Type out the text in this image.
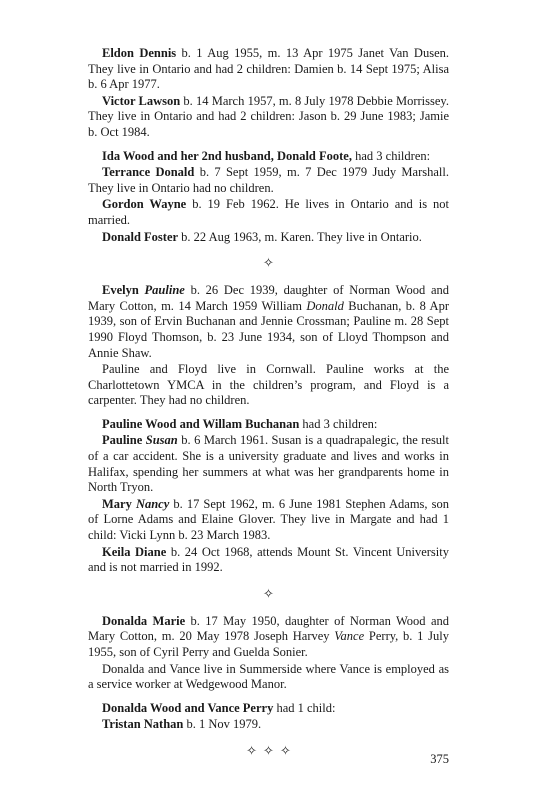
Eldon Dennis b. 1 Aug 1955, m. 13 Apr 1975 Janet Van Dusen. They live in Ontario and had 2 children: Damien b. 14 Sept 1975; Alisa b. 6 Apr 1977.

Victor Lawson b. 14 March 1957, m. 8 July 1978 Debbie Morrissey. They live in Ontario and had 2 children: Jason b. 29 June 1983; Jamie b. Oct 1984.

Ida Wood and her 2nd husband, Donald Foote, had 3 children:

Terrance Donald b. 7 Sept 1959, m. 7 Dec 1979 Judy Marshall. They live in Ontario had no children.

Gordon Wayne b. 19 Feb 1962. He lives in Ontario and is not married.

Donald Foster b. 22 Aug 1963, m. Karen. They live in Ontario.

✧

Evelyn Pauline b. 26 Dec 1939, daughter of Norman Wood and Mary Cotton, m. 14 March 1959 William Donald Buchanan, b. 8 Apr 1939, son of Ervin Buchanan and Jennie Crossman; Pauline m. 28 Sept 1990 Floyd Thomson, b. 23 June 1934, son of Lloyd Thompson and Annie Shaw.

Pauline and Floyd live in Cornwall. Pauline works at the Charlottetown YMCA in the children’s program, and Floyd is a carpenter. They had no children.

Pauline Wood and Willam Buchanan had 3 children:

Pauline Susan b. 6 March 1961. Susan is a quadrapalegic, the result of a car accident. She is a university graduate and lives and works in Halifax, spending her summers at what was her grandparents home in North Tryon.

Mary Nancy b. 17 Sept 1962, m. 6 June 1981 Stephen Adams, son of Lorne Adams and Elaine Glover. They live in Margate and had 1 child: Vicki Lynn b. 23 March 1983.

Keila Diane b. 24 Oct 1968, attends Mount St. Vincent University and is not married in 1992.

✧

Donalda Marie b. 17 May 1950, daughter of Norman Wood and Mary Cotton, m. 20 May 1978 Joseph Harvey Vance Perry, b. 1 July 1955, son of Cyril Perry and Guelda Sonier.

Donalda and Vance live in Summerside where Vance is employed as a service worker at Wedgewood Manor.

Donalda Wood and Vance Perry had 1 child:

Tristan Nathan b. 1 Nov 1979.

✧ ✧ ✧
375
